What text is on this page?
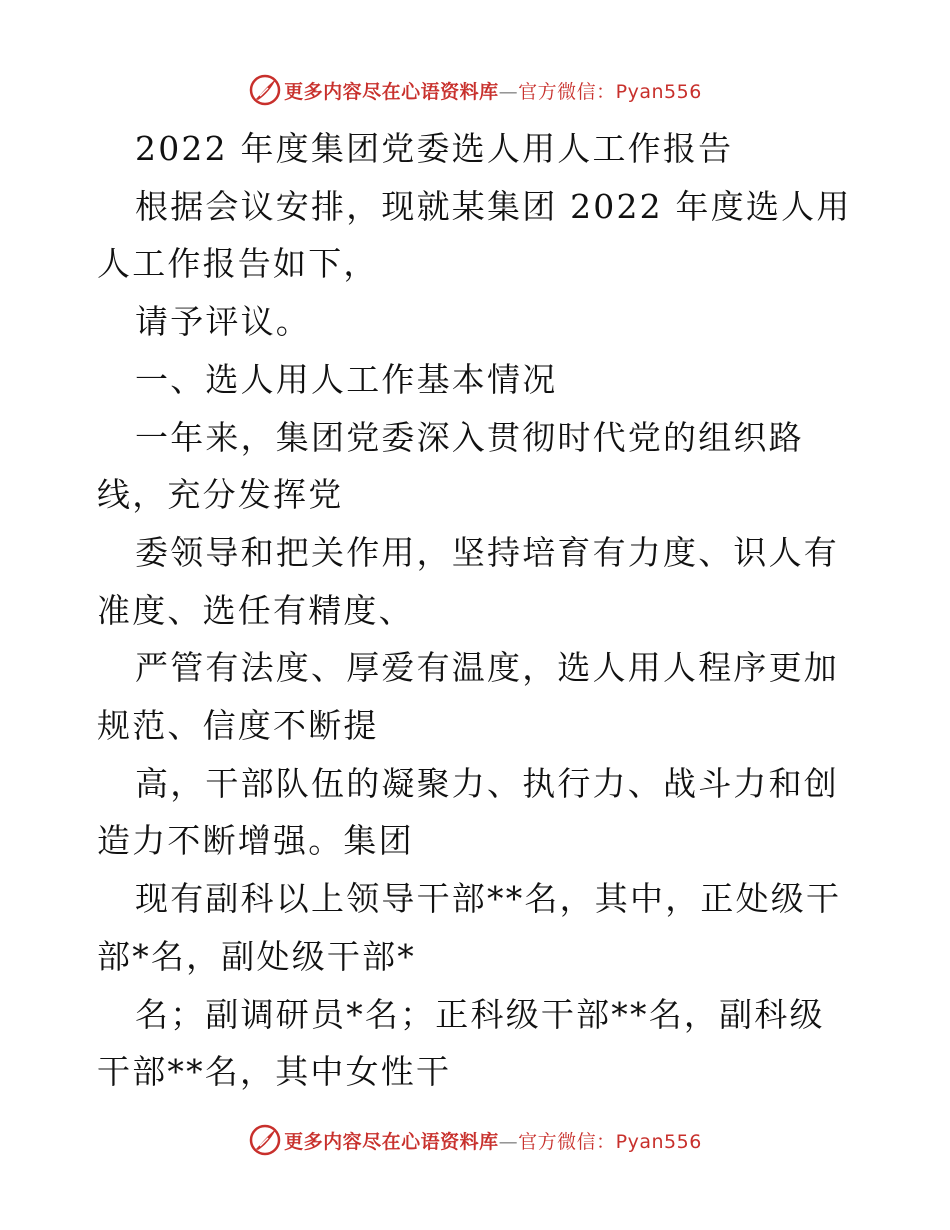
更多内容尽在心语资料库—官方微信：Pyan556

2022 年度集团党委选人用人工作报告

根据会议安排，现就某集团 2022 年度选人用人工作报告如下，

请予评议。

一、选人用人工作基本情况

一年来，集团党委深入贯彻时代党的组织路线，充分发挥党

委领导和把关作用，坚持培育有力度、识人有准度、选任有精度、

严管有法度、厚爱有温度，选人用人程序更加规范、信度不断提

高，干部队伍的凝聚力、执行力、战斗力和创造力不断增强。集团

现有副科以上领导干部**名，其中，正处级干部*名，副处级干部*

名；副调研员*名；正科级干部**名，副科级干部**名，其中女性干

更多内容尽在心语资料库—官方微信：Pyan556
